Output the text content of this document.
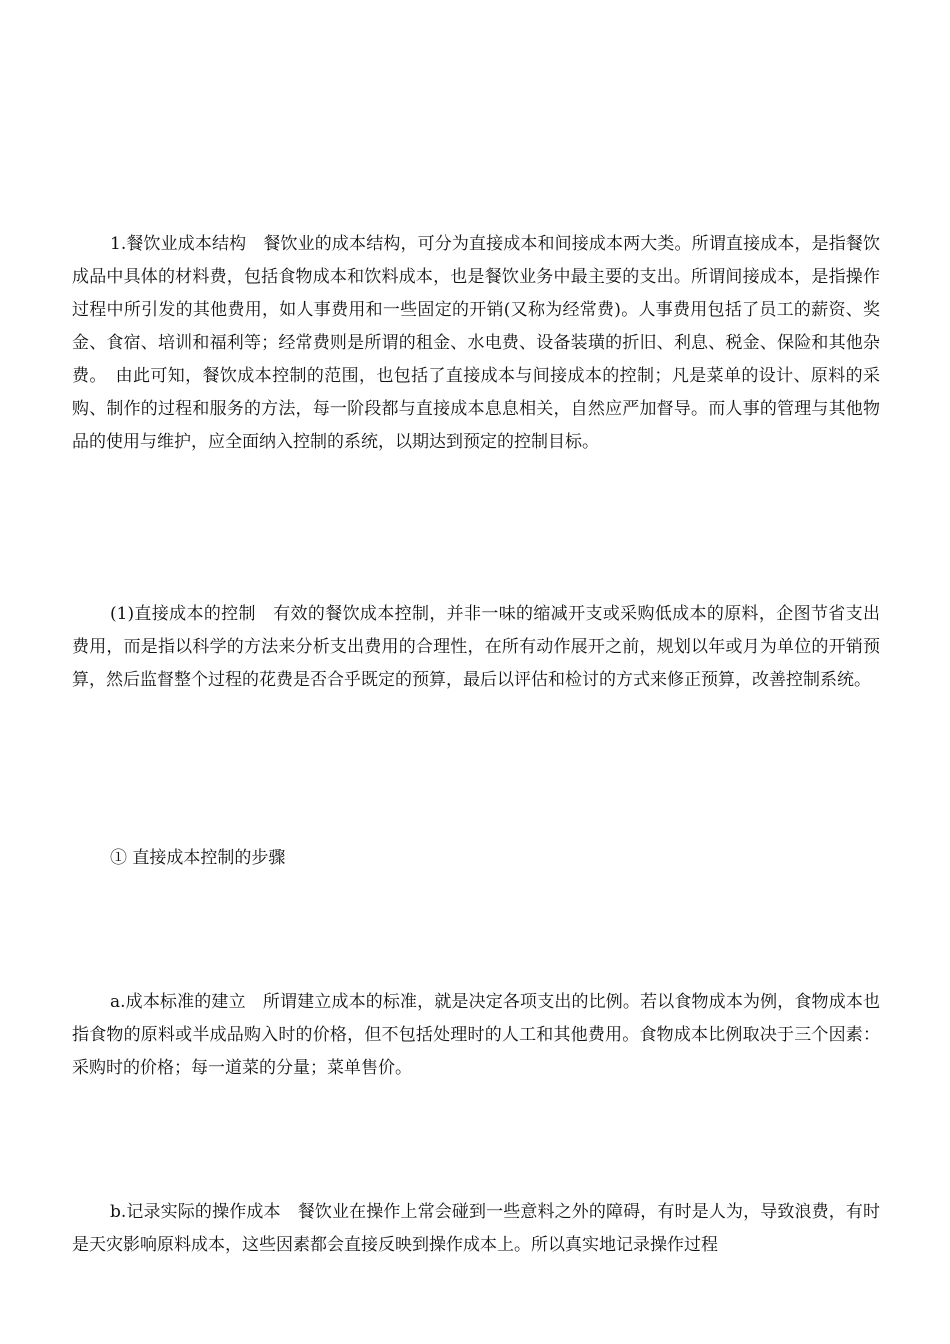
1.餐饮业成本结构　餐饮业的成本结构，可分为直接成本和间接成本两大类。所谓直接成本，是指餐饮成品中具体的材料费，包括食物成本和饮料成本，也是餐饮业务中最主要的支出。所谓间接成本，是指操作过程中所引发的其他费用，如人事费用和一些固定的开销(又称为经常费)。人事费用包括了员工的薪资、奖金、食宿、培训和福利等；经常费则是所谓的租金、水电费、设备装璜的折旧、利息、税金、保险和其他杂费。　由此可知，餐饮成本控制的范围，也包括了直接成本与间接成本的控制；凡是菜单的设计、原料的采购、制作的过程和服务的方法，每一阶段都与直接成本息息相关，自然应严加督导。而人事的管理与其他物品的使用与维护，应全面纳入控制的系统，以期达到预定的控制目标。

(1)直接成本的控制　有效的餐饮成本控制，并非一味的缩减开支或采购低成本的原料，企图节省支出费用，而是指以科学的方法来分析支出费用的合理性，在所有动作展开之前，规划以年或月为单位的开销预算，然后监督整个过程的花费是否合乎既定的预算，最后以评估和检讨的方式来修正预算，改善控制系统。

① 直接成本控制的步骤

a.成本标准的建立　所谓建立成本的标准，就是决定各项支出的比例。若以食物成本为例，食物成本也指食物的原料或半成品购入时的价格，但不包括处理时的人工和其他费用。食物成本比例取决于三个因素：采购时的价格；每一道菜的分量；菜单售价。

b.记录实际的操作成本　餐饮业在操作上常会碰到一些意料之外的障碍，有时是人为，导致浪费，有时是天灾影响原料成本，这些因素都会直接反映到操作成本上。所以真实地记录操作过程
